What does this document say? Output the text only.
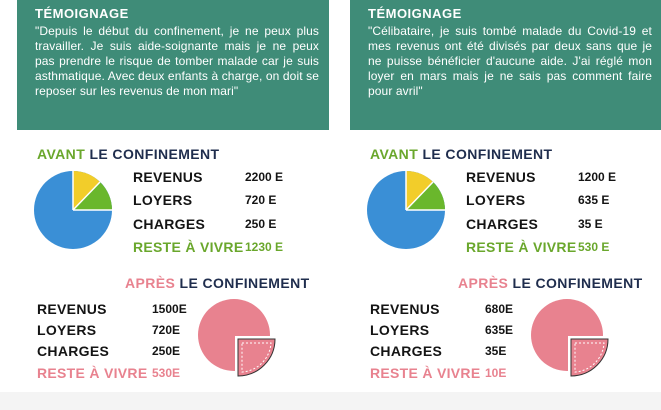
TÉMOIGNAGE
"Depuis le début du confinement, je ne peux plus travailler. Je suis aide-soignante mais je ne peux pas prendre le risque de tomber malade car je suis asthmatique. Avec deux enfants à charge, on doit se reposer sur les revenus de mon mari"
AVANT LE CONFINEMENT
REVENUS	2200 E
LOYERS	720 E
CHARGES	250 E
RESTE À VIVRE 1230 E
APRÈS LE CONFINEMENT
REVENUS	1500E
LOYERS	720E
CHARGES	250E
RESTE À VIVRE 530E
TÉMOIGNAGE
"Célibataire, je suis tombé malade du Covid-19 et mes revenus ont été divisés par deux sans que je ne puisse bénéficier d'aucune aide. J'ai réglé mon loyer en mars mais je ne sais pas comment faire pour avril"
AVANT LE CONFINEMENT
REVENUS	1200 E
LOYERS	635 E
CHARGES	35 E
RESTE À VIVRE 530 E
APRÈS LE CONFINEMENT
REVENUS	680E
LOYERS	635E
CHARGES	35E
RESTE À VIVRE 10E
